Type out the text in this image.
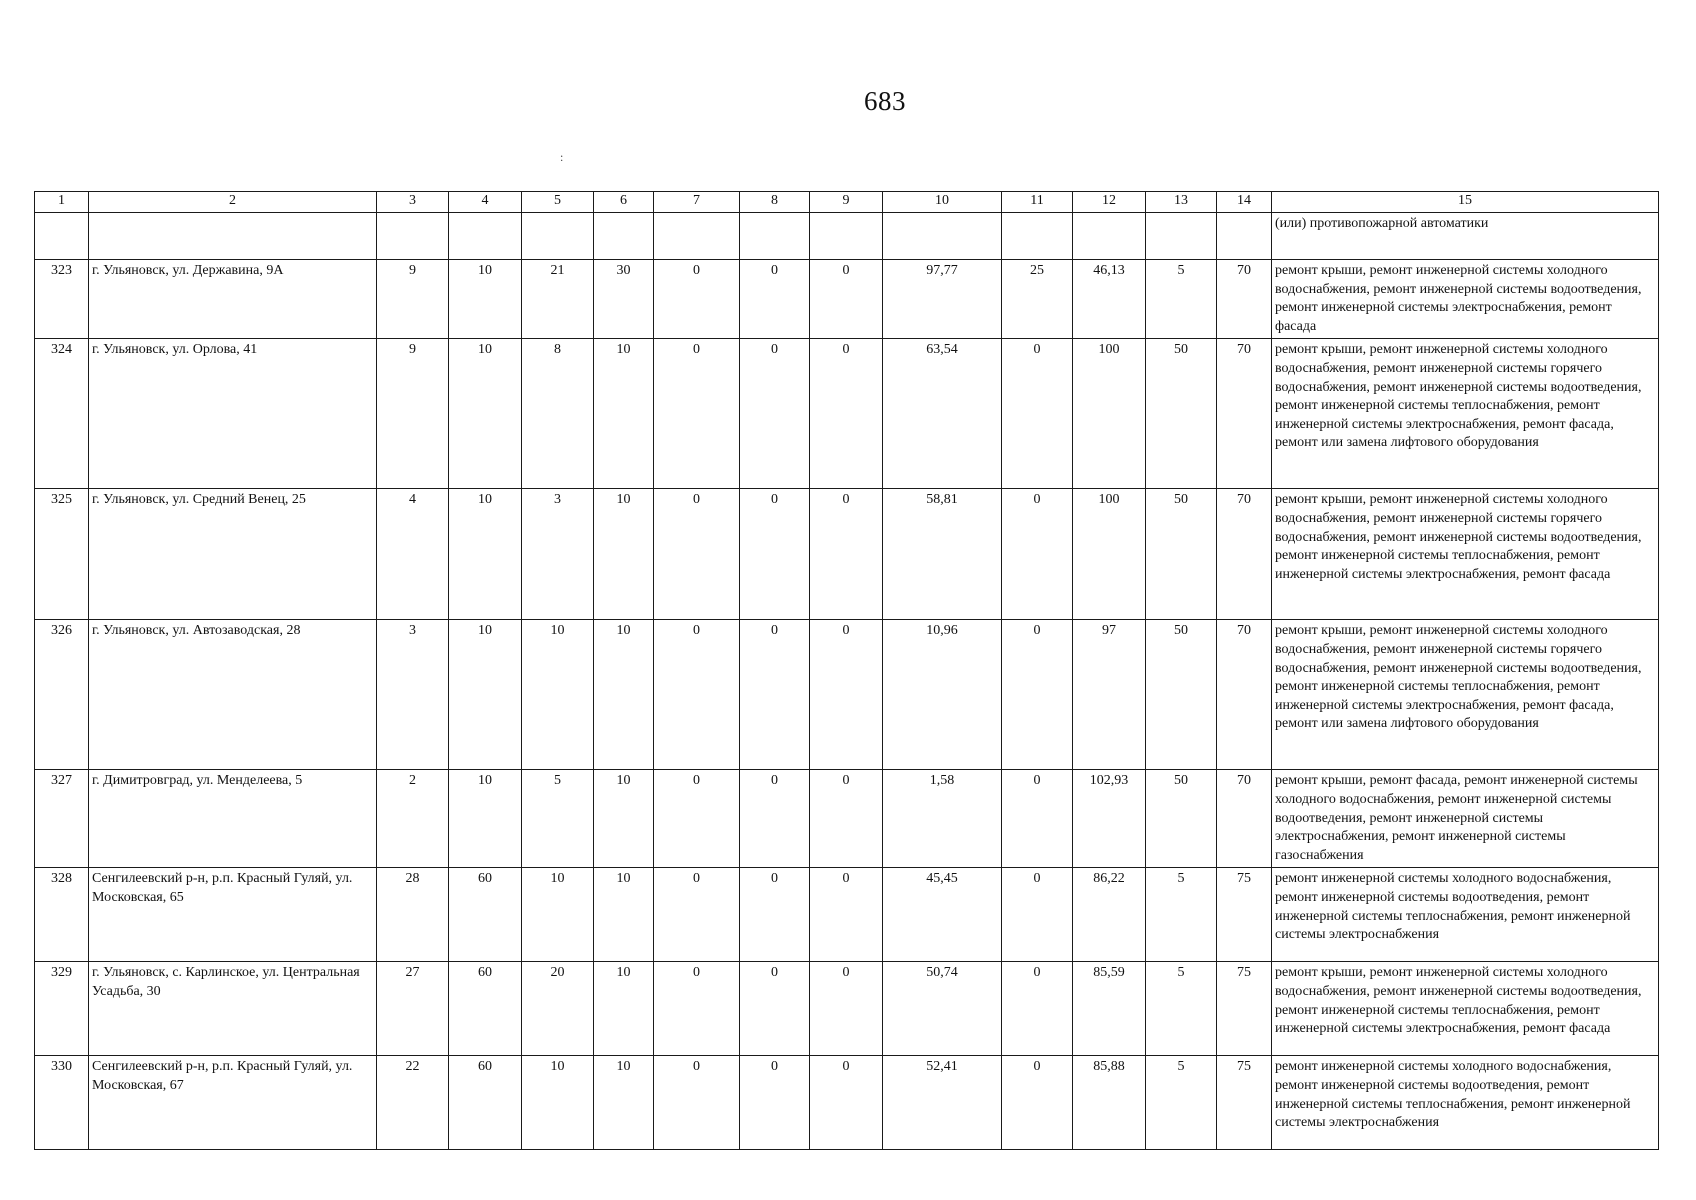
683
:
1	2	3	4	5	6	7	8	9	10	11	12	13	14	15
														(или) противопожарной автоматики
323	г. Ульяновск, ул. Державина, 9А	9	10	21	30	0	0	0	97,77	25	46,13	5	70	ремонт крыши, ремонт инженерной системы холодного водоснабжения, ремонт инженерной системы водоотведения, ремонт инженерной системы электроснабжения, ремонт фасада
324	г. Ульяновск, ул. Орлова, 41	9	10	8	10	0	0	0	63,54	0	100	50	70	ремонт крыши, ремонт инженерной системы холодного водоснабжения, ремонт инженерной системы горячего водоснабжения, ремонт инженерной системы водоотведения, ремонт инженерной системы теплоснабжения, ремонт инженерной системы электроснабжения, ремонт фасада, ремонт или замена лифтового оборудования
325	г. Ульяновск, ул. Средний Венец, 25	4	10	3	10	0	0	0	58,81	0	100	50	70	ремонт крыши, ремонт инженерной системы холодного водоснабжения, ремонт инженерной системы горячего водоснабжения, ремонт инженерной системы водоотведения, ремонт инженерной системы теплоснабжения, ремонт инженерной системы электроснабжения, ремонт фасада
326	г. Ульяновск, ул. Автозаводская, 28	3	10	10	10	0	0	0	10,96	0	97	50	70	ремонт крыши, ремонт инженерной системы холодного водоснабжения, ремонт инженерной системы горячего водоснабжения, ремонт инженерной системы водоотведения, ремонт инженерной системы теплоснабжения, ремонт инженерной системы электроснабжения, ремонт фасада, ремонт или замена лифтового оборудования
327	г. Димитровград, ул. Менделеева, 5	2	10	5	10	0	0	0	1,58	0	102,93	50	70	ремонт крыши, ремонт фасада, ремонт инженерной системы холодного водоснабжения, ремонт инженерной системы водоотведения, ремонт инженерной системы электроснабжения, ремонт инженерной системы газоснабжения
328	Сенгилеевский р-н, р.п. Красный Гуляй, ул. Московская, 65	28	60	10	10	0	0	0	45,45	0	86,22	5	75	ремонт инженерной системы холодного водоснабжения, ремонт инженерной системы водоотведения, ремонт инженерной системы теплоснабжения, ремонт инженерной системы электроснабжения
329	г. Ульяновск, с. Карлинское, ул. Центральная Усадьба, 30	27	60	20	10	0	0	0	50,74	0	85,59	5	75	ремонт крыши, ремонт инженерной системы холодного водоснабжения, ремонт инженерной системы водоотведения, ремонт инженерной системы теплоснабжения, ремонт инженерной системы электроснабжения, ремонт фасада
330	Сенгилеевский р-н, р.п. Красный Гуляй, ул. Московская, 67	22	60	10	10	0	0	0	52,41	0	85,88	5	75	ремонт инженерной системы холодного водоснабжения, ремонт инженерной системы водоотведения, ремонт инженерной системы теплоснабжения, ремонт инженерной системы электроснабжения
